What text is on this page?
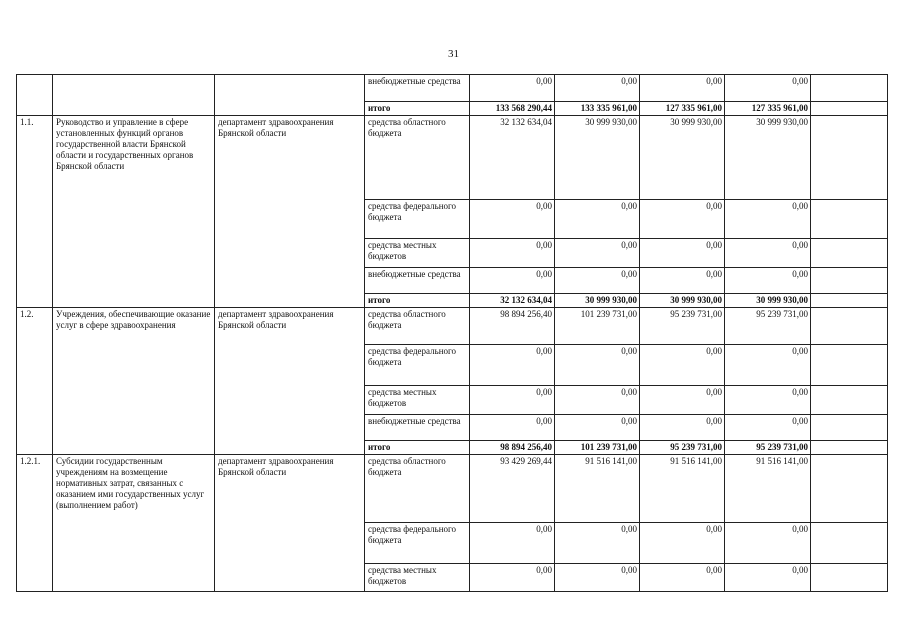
31
			внебюджетные средства	0,00	0,00	0,00	0,00	
			итого	133 568 290,44	133 335 961,00	127 335 961,00	127 335 961,00	
1.1.	Руководство и управление в сфере установленных функций органов государственной власти Брянской области и государственных органов Брянской области	департамент здравоохранения Брянской области	средства областного бюджета	32 132 634,04	30 999 930,00	30 999 930,00	30 999 930,00	
			средства федерального бюджета	0,00	0,00	0,00	0,00	
			средства местных бюджетов	0,00	0,00	0,00	0,00	
			внебюджетные средства	0,00	0,00	0,00	0,00	
			итого	32 132 634,04	30 999 930,00	30 999 930,00	30 999 930,00	
1.2.	Учреждения, обеспечивающие оказание услуг в сфере здравоохранения	департамент здравоохранения Брянской области	средства областного бюджета	98 894 256,40	101 239 731,00	95 239 731,00	95 239 731,00	
			средства федерального бюджета	0,00	0,00	0,00	0,00	
			средства местных бюджетов	0,00	0,00	0,00	0,00	
			внебюджетные средства	0,00	0,00	0,00	0,00	
			итого	98 894 256,40	101 239 731,00	95 239 731,00	95 239 731,00	
1.2.1.	Субсидии государственным учреждениям на возмещение нормативных затрат, связанных с оказанием ими государственных услуг (выполнением работ)	департамент здравоохранения Брянской области	средства областного бюджета	93 429 269,44	91 516 141,00	91 516 141,00	91 516 141,00	
			средства федерального бюджета	0,00	0,00	0,00	0,00	
			средства местных бюджетов	0,00	0,00	0,00	0,00	
